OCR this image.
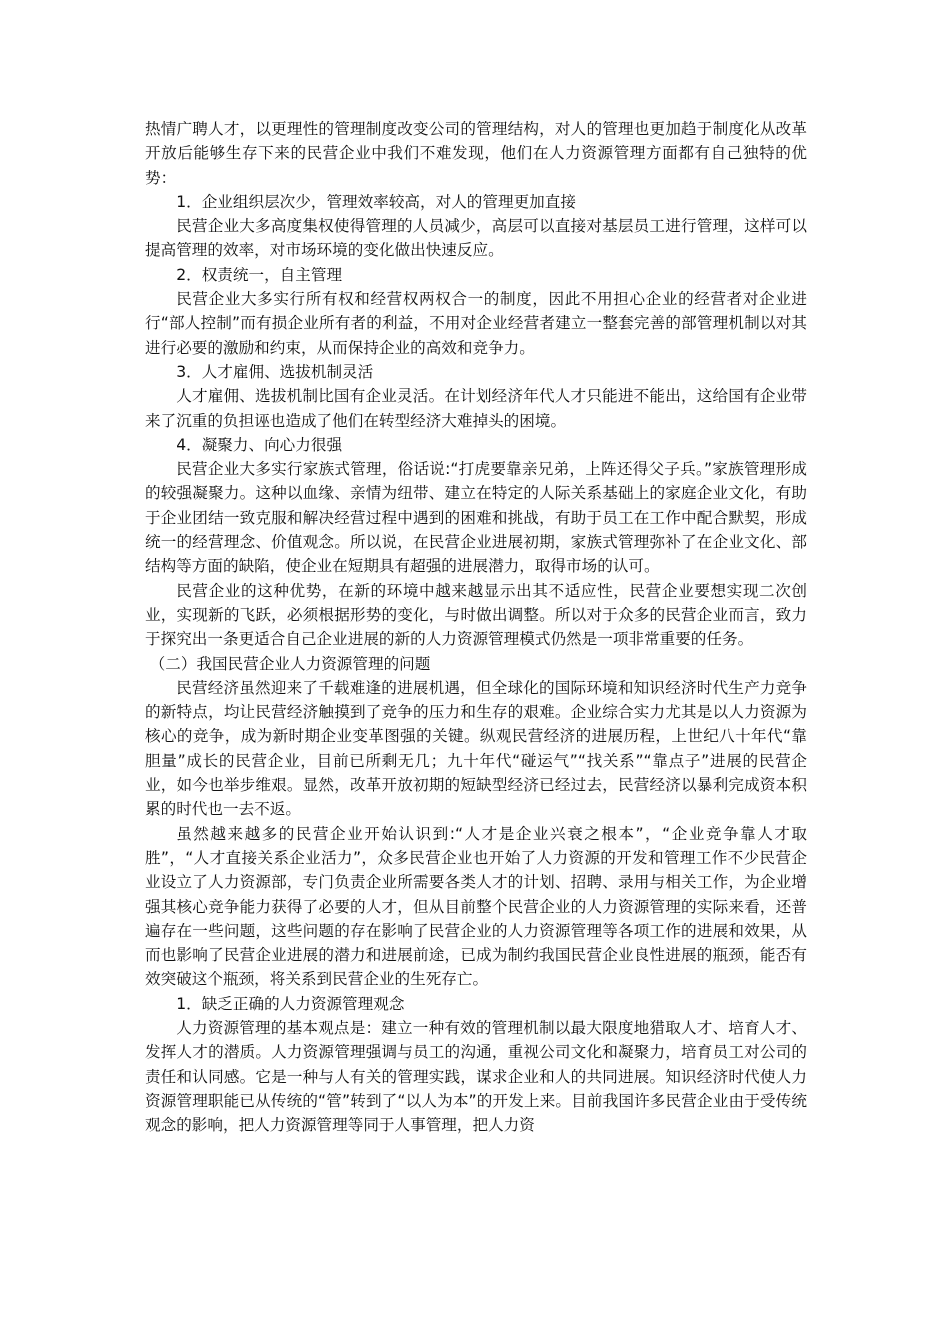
热情广聘人才，以更理性的管理制度改变公司的管理结构，对人的管理也更加趋于制度化从改革开放后能够生存下来的民营企业中我们不难发现，他们在人力资源管理方面都有自己独特的优势：

1．企业组织层次少，管理效率较高，对人的管理更加直接

民营企业大多高度集权使得管理的人员减少，高层可以直接对基层员工进行管理，这样可以提高管理的效率，对市场环境的变化做出快速反应。

2．权责统一，自主管理

民营企业大多实行所有权和经营权两权合一的制度，因此不用担心企业的经营者对企业进行“部人控制”而有损企业所有者的利益，不用对企业经营者建立一整套完善的部管理机制以对其进行必要的激励和约束，从而保持企业的高效和竞争力。

3．人才雇佣、选拔机制灵活

人才雇佣、选拔机制比国有企业灵活。在计划经济年代人才只能进不能出，这给国有企业带来了沉重的负担诬也造成了他们在转型经济大难掉头的困境。

4．凝聚力、向心力很强

民营企业大多实行家族式管理，俗话说:“打虎要靠亲兄弟，上阵还得父子兵。”家族管理形成的较强凝聚力。这种以血缘、亲情为纽带、建立在特定的人际关系基础上的家庭企业文化，有助于企业团结一致克服和解决经营过程中遇到的困难和挑战，有助于员工在工作中配合默契，形成统一的经营理念、价值观念。所以说，在民营企业进展初期，家族式管理弥补了在企业文化、部结构等方面的缺陷，使企业在短期具有超强的进展潜力，取得市场的认可。

民营企业的这种优势，在新的环境中越来越显示出其不适应性，民营企业要想实现二次创业，实现新的飞跃，必须根据形势的变化，与时做出调整。所以对于众多的民营企业而言，致力于探究出一条更适合自己企业进展的新的人力资源管理模式仍然是一项非常重要的任务。

（二）我国民营企业人力资源管理的问题

民营经济虽然迎来了千载难逢的进展机遇，但全球化的国际环境和知识经济时代生产力竞争的新特点，均让民营经济触摸到了竞争的压力和生存的艰难。企业综合实力尤其是以人力资源为核心的竞争，成为新时期企业变革图强的关键。纵观民营经济的进展历程，上世纪八十年代“靠胆量”成长的民营企业，目前已所剩无几；九十年代“碰运气”“找关系”“靠点子”进展的民营企业，如今也举步维艰。显然，改革开放初期的短缺型经济已经过去，民营经济以暴利完成资本积累的时代也一去不返。

虽然越来越多的民营企业开始认识到:“人才是企业兴衰之根本”，“企业竞争靠人才取胜”，“人才直接关系企业活力”，众多民营企业也开始了人力资源的开发和管理工作不少民营企业设立了人力资源部，专门负责企业所需要各类人才的计划、招聘、录用与相关工作，为企业增强其核心竞争能力获得了必要的人才，但从目前整个民营企业的人力资源管理的实际来看，还普遍存在一些问题，这些问题的存在影响了民营企业的人力资源管理等各项工作的进展和效果，从而也影响了民营企业进展的潜力和进展前途，已成为制约我国民营企业良性进展的瓶颈，能否有效突破这个瓶颈，将关系到民营企业的生死存亡。

1．缺乏正确的人力资源管理观念

人力资源管理的基本观点是：建立一种有效的管理机制以最大限度地猎取人才、培育人才、发挥人才的潜质。人力资源管理强调与员工的沟通，重视公司文化和凝聚力，培育员工对公司的责任和认同感。它是一种与人有关的管理实践，谋求企业和人的共同进展。知识经济时代使人力资源管理职能已从传统的“管”转到了“以人为本”的开发上来。目前我国许多民营企业由于受传统观念的影响，把人力资源管理等同于人事管理，把人力资
